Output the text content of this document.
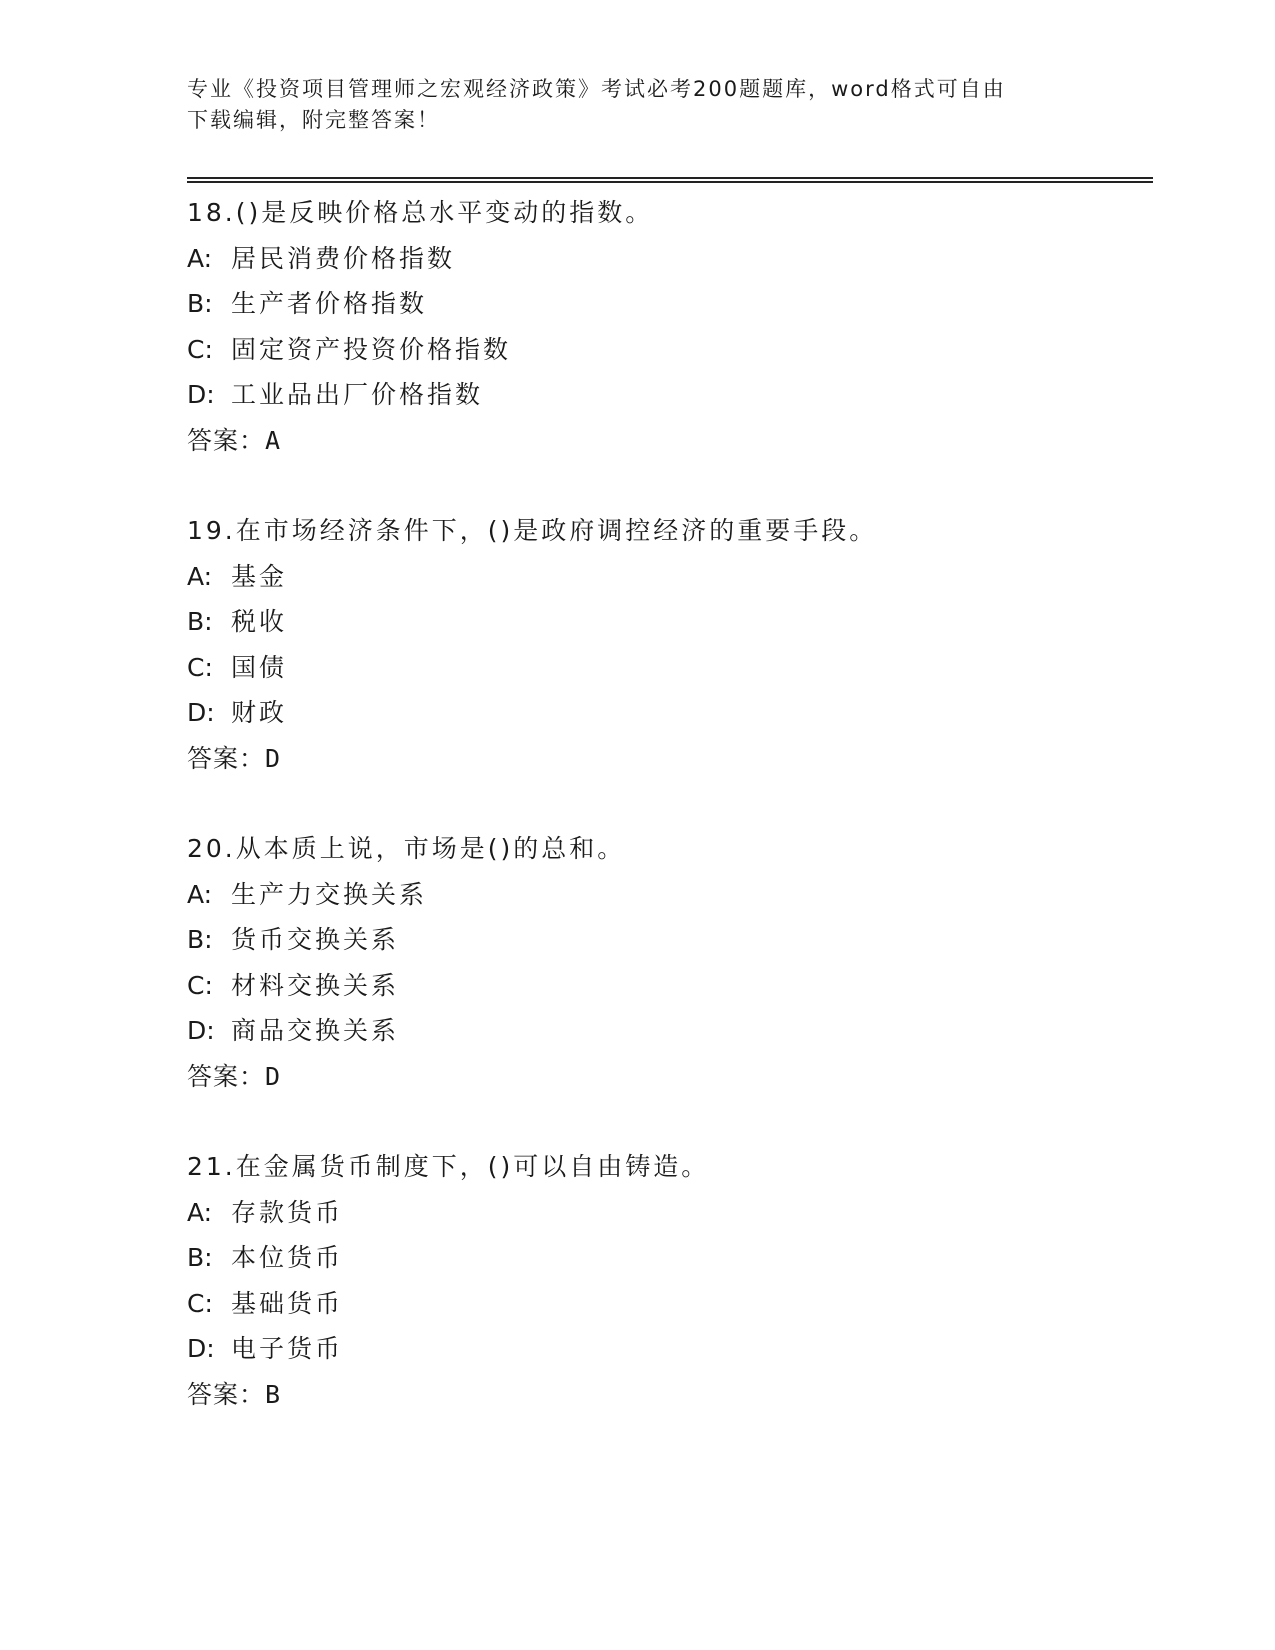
专业《投资项目管理师之宏观经济政策》考试必考200题题库，word格式可自由
下载编辑，附完整答案！
18.()是反映价格总水平变动的指数。
A: 居民消费价格指数
B: 生产者价格指数
C: 固定资产投资价格指数
D: 工业品出厂价格指数
答案：A
19.在市场经济条件下，()是政府调控经济的重要手段。
A: 基金
B: 税收
C: 国债
D: 财政
答案：D
20.从本质上说，市场是()的总和。
A: 生产力交换关系
B: 货币交换关系
C: 材料交换关系
D: 商品交换关系
答案：D
21.在金属货币制度下，()可以自由铸造。
A: 存款货币
B: 本位货币
C: 基础货币
D: 电子货币
答案：B
